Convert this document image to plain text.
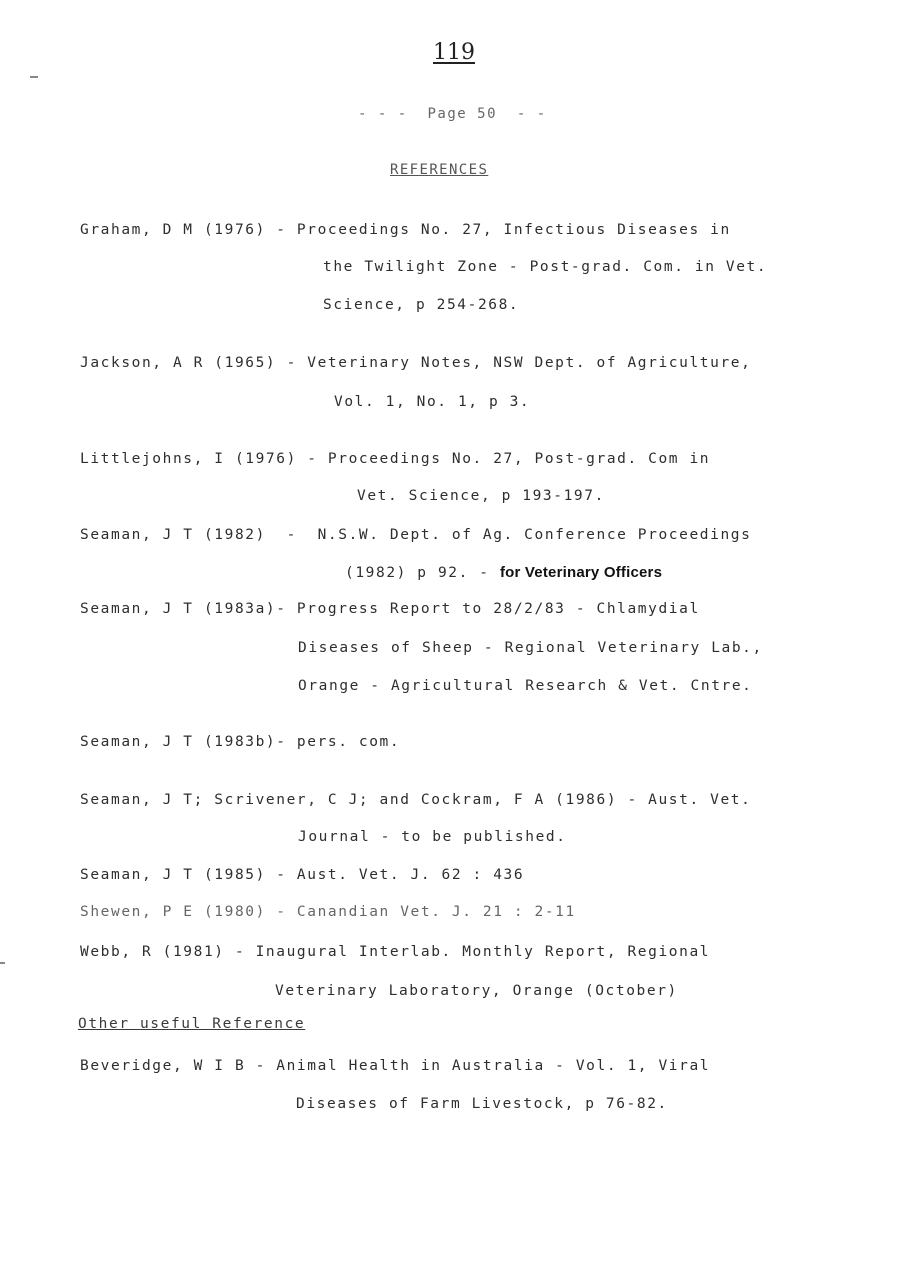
119
- - -  Page 50  - -
REFERENCES
Graham, D M (1976) - Proceedings No. 27, Infectious Diseases in
the Twilight Zone - Post-grad. Com. in Vet.
Science, p 254-268.
Jackson, A R (1965) - Veterinary Notes, NSW Dept. of Agriculture,
Vol. 1, No. 1, p 3.
Littlejohns, I (1976) - Proceedings No. 27, Post-grad. Com in
Vet. Science, p 193-197.
Seaman, J T (1982)  -  N.S.W. Dept. of Ag. Conference Proceedings
(1982) p 92. - for Veterinary Officers
Seaman, J T (1983a)- Progress Report to 28/2/83 - Chlamydial
Diseases of Sheep - Regional Veterinary Lab.,
Orange - Agricultural Research & Vet. Cntre.
Seaman, J T (1983b)- pers. com.
Seaman, J T; Scrivener, C J; and Cockram, F A (1986) - Aust. Vet.
Journal - to be published.
Seaman, J T (1985) - Aust. Vet. J. 62 : 436
Shewen, P E (1980) - Canandian Vet. J. 21 : 2-11
Webb, R (1981) - Inaugural Interlab. Monthly Report, Regional
Veterinary Laboratory, Orange (October)
Other useful Reference
Beveridge, W I B - Animal Health in Australia - Vol. 1, Viral
Diseases of Farm Livestock, p 76-82.
